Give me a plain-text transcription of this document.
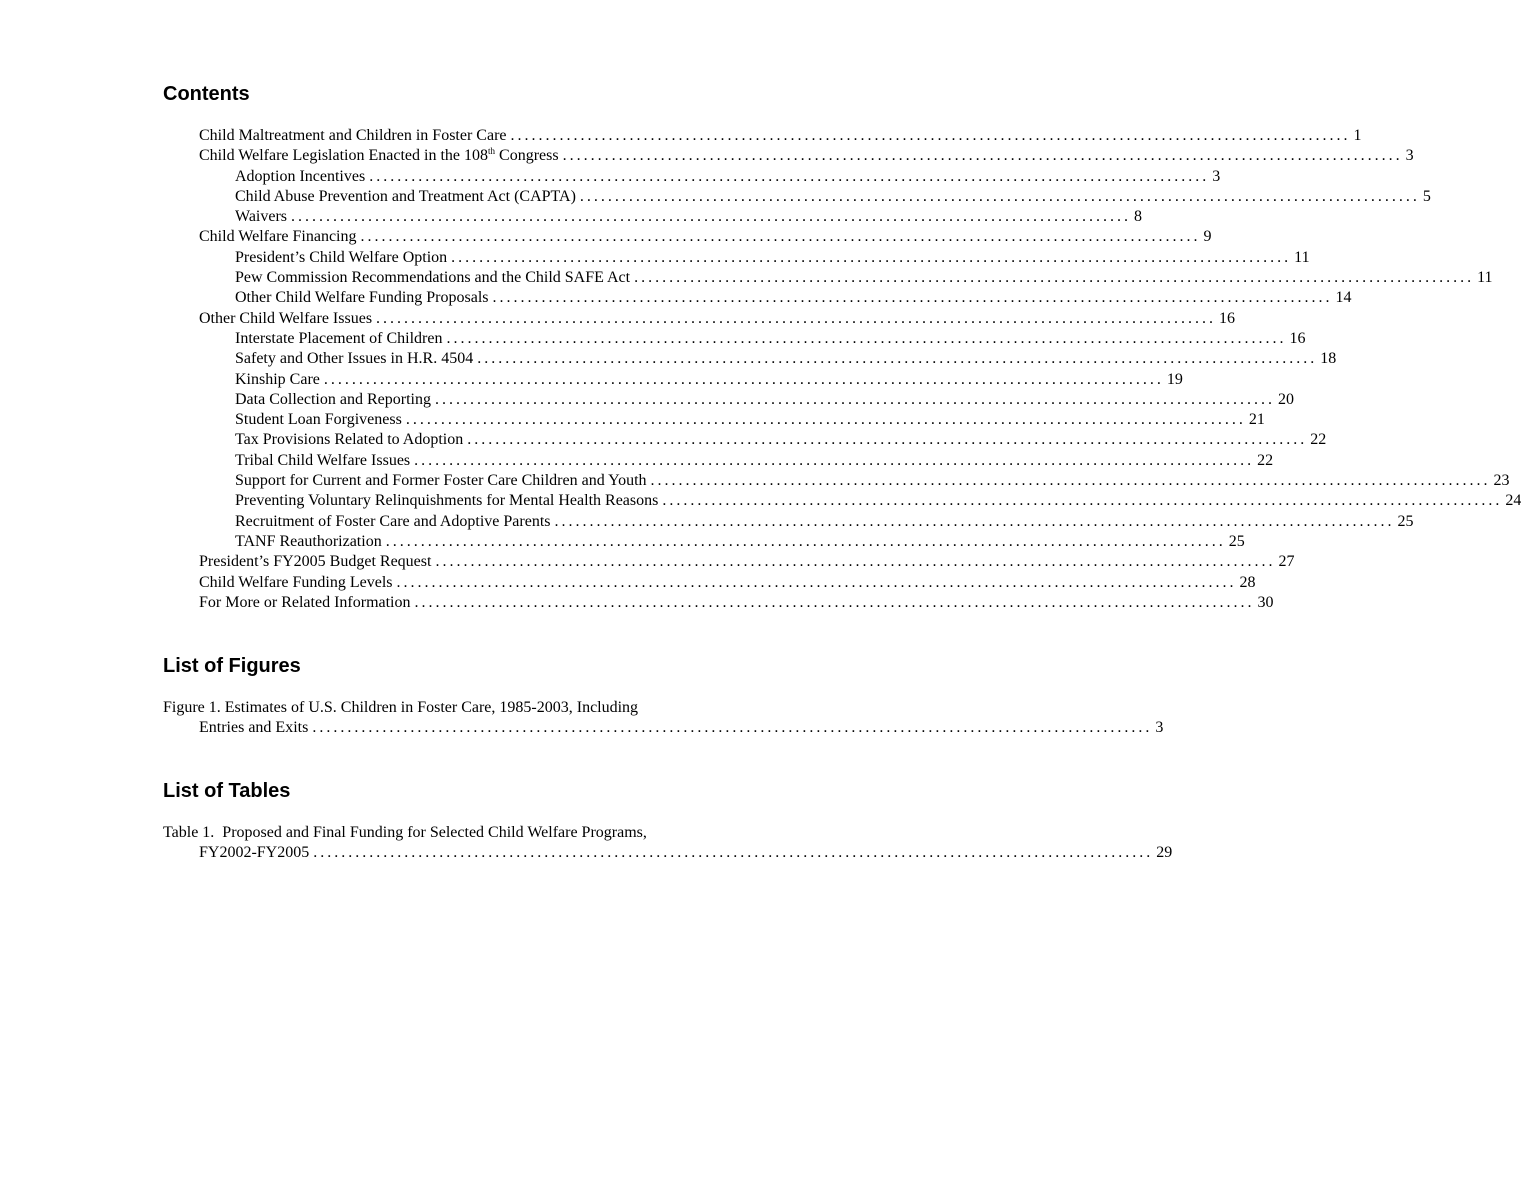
Contents
Child Maltreatment and Children in Foster Care ........................................................................................................................ 1
Child Welfare Legislation Enacted in the 108th Congress ........................................................................................................................ 3
Adoption Incentives ........................................................................................................................ 3
Child Abuse Prevention and Treatment Act (CAPTA) ........................................................................................................................ 5
Waivers ........................................................................................................................ 8
Child Welfare Financing ........................................................................................................................ 9
President’s Child Welfare Option ........................................................................................................................ 11
Pew Commission Recommendations and the Child SAFE Act ........................................................................................................................ 11
Other Child Welfare Funding Proposals ........................................................................................................................ 14
Other Child Welfare Issues ........................................................................................................................ 16
Interstate Placement of Children ........................................................................................................................ 16
Safety and Other Issues in H.R. 4504 ........................................................................................................................ 18
Kinship Care ........................................................................................................................ 19
Data Collection and Reporting ........................................................................................................................ 20
Student Loan Forgiveness ........................................................................................................................ 21
Tax Provisions Related to Adoption ........................................................................................................................ 22
Tribal Child Welfare Issues ........................................................................................................................ 22
Support for Current and Former Foster Care Children and Youth ........................................................................................................................ 23
Preventing Voluntary Relinquishments for Mental Health Reasons ........................................................................................................................ 24
Recruitment of Foster Care and Adoptive Parents ........................................................................................................................ 25
TANF Reauthorization ........................................................................................................................ 25
President’s FY2005 Budget Request ........................................................................................................................ 27
Child Welfare Funding Levels ........................................................................................................................ 28
For More or Related Information ........................................................................................................................ 30
List of Figures
Figure 1. Estimates of U.S. Children in Foster Care, 1985-2003, Including
Entries and Exits ........................................................................................................................ 3
List of Tables
Table 1.  Proposed and Final Funding for Selected Child Welfare Programs,
FY2002-FY2005 ........................................................................................................................ 29
